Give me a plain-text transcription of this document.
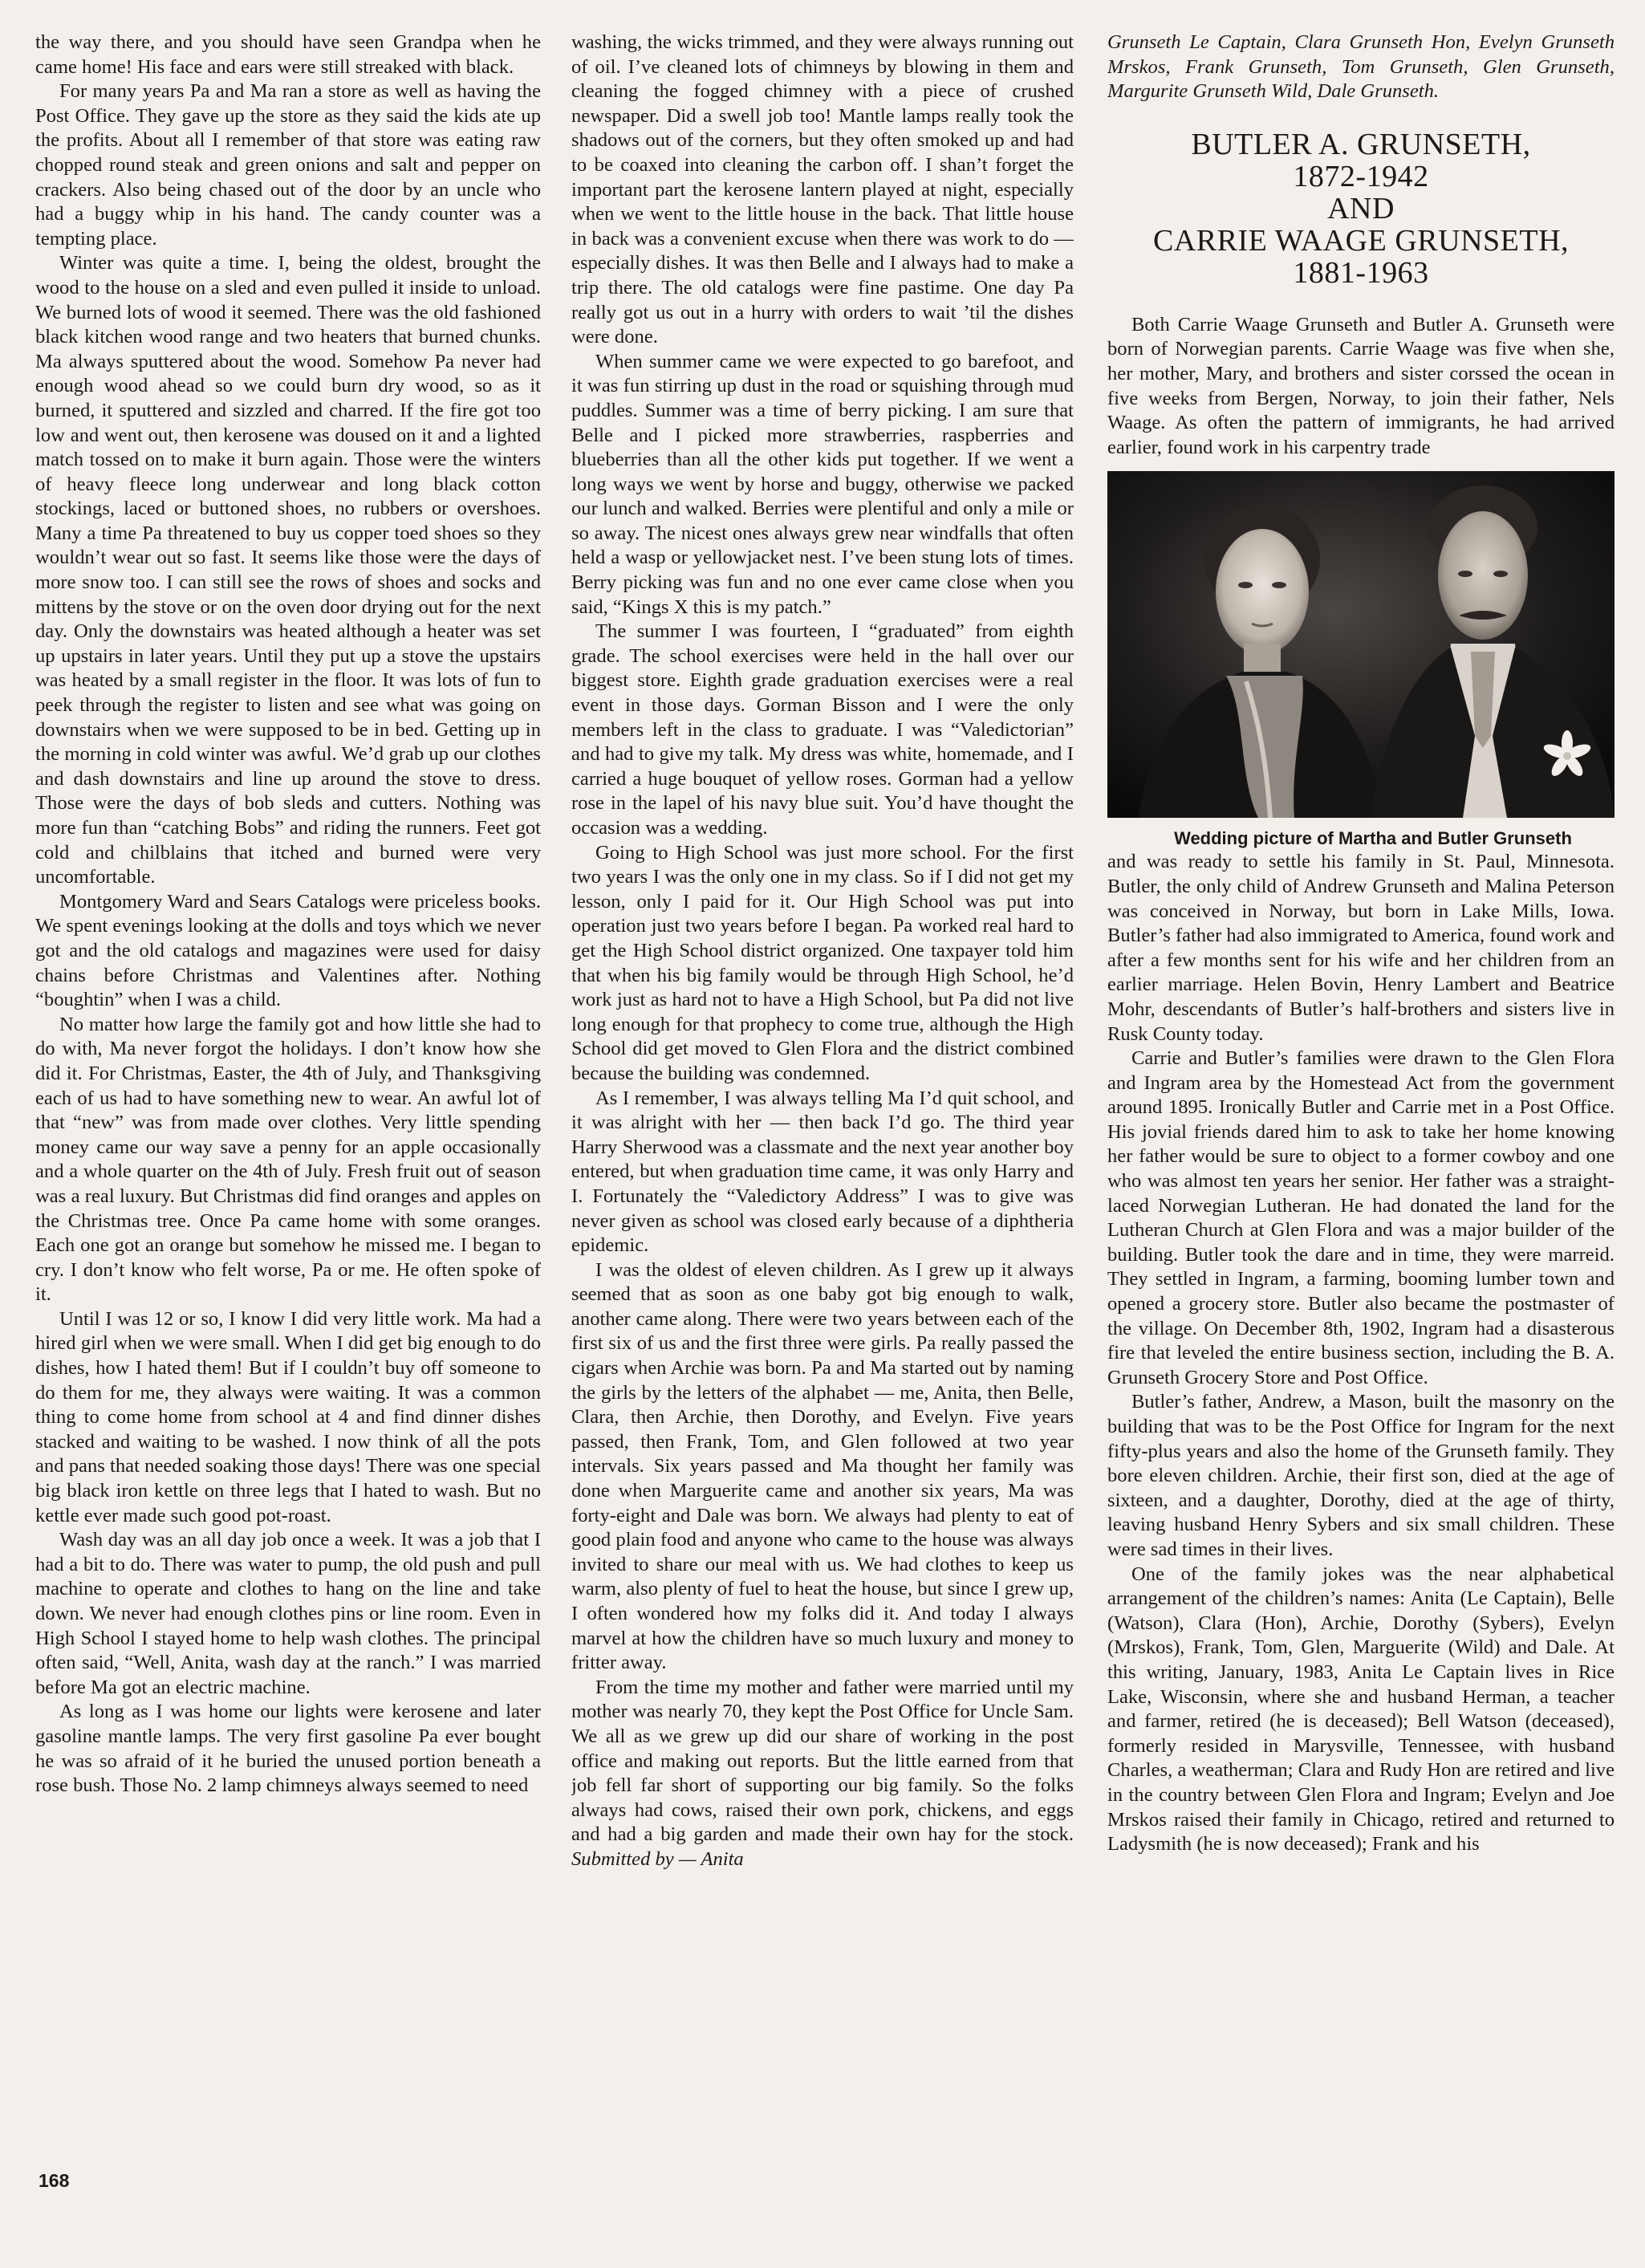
the way there, and you should have seen Grandpa when he came home! His face and ears were still streaked with black.

For many years Pa and Ma ran a store as well as having the Post Office. They gave up the store as they said the kids ate up the profits. About all I remember of that store was eating raw chopped round steak and green onions and salt and pepper on crackers. Also being chased out of the door by an uncle who had a buggy whip in his hand. The candy counter was a tempting place.

Winter was quite a time. I, being the oldest, brought the wood to the house on a sled and even pulled it inside to unload. We burned lots of wood it seemed. There was the old fashioned black kitchen wood range and two heaters that burned chunks. Ma always sputtered about the wood. Somehow Pa never had enough wood ahead so we could burn dry wood, so as it burned, it sputtered and sizzled and charred. If the fire got too low and went out, then kerosene was doused on it and a lighted match tossed on to make it burn again. Those were the winters of heavy fleece long underwear and long black cotton stockings, laced or buttoned shoes, no rubbers or overshoes. Many a time Pa threatened to buy us copper toed shoes so they wouldn’t wear out so fast. It seems like those were the days of more snow too. I can still see the rows of shoes and socks and mittens by the stove or on the oven door drying out for the next day. Only the downstairs was heated although a heater was set up upstairs in later years. Until they put up a stove the upstairs was heated by a small register in the floor. It was lots of fun to peek through the register to listen and see what was going on downstairs when we were supposed to be in bed. Getting up in the morning in cold winter was awful. We’d grab up our clothes and dash downstairs and line up around the stove to dress. Those were the days of bob sleds and cutters. Nothing was more fun than “catching Bobs” and riding the runners. Feet got cold and chilblains that itched and burned were very uncomfortable.

Montgomery Ward and Sears Catalogs were priceless books. We spent evenings looking at the dolls and toys which we never got and the old catalogs and magazines were used for daisy chains before Christmas and Valentines after. Nothing “boughtin” when I was a child.

No matter how large the family got and how little she had to do with, Ma never forgot the holidays. I don’t know how she did it. For Christmas, Easter, the 4th of July, and Thanksgiving each of us had to have something new to wear. An awful lot of that “new” was from made over clothes. Very little spending money came our way save a penny for an apple occasionally and a whole quarter on the 4th of July. Fresh fruit out of season was a real luxury. But Christmas did find oranges and apples on the Christmas tree. Once Pa came home with some oranges. Each one got an orange but somehow he missed me. I began to cry. I don’t know who felt worse, Pa or me. He often spoke of it.

Until I was 12 or so, I know I did very little work. Ma had a hired girl when we were small. When I did get big enough to do dishes, how I hated them! But if I couldn’t buy off someone to do them for me, they always were waiting. It was a common thing to come home from school at 4 and find dinner dishes stacked and waiting to be washed. I now think of all the pots and pans that needed soaking those days! There was one special big black iron kettle on three legs that I hated to wash. But no kettle ever made such good pot-roast.

Wash day was an all day job once a week. It was a job that I had a bit to do. There was water to pump, the old push and pull machine to operate and clothes to hang on the line and take down. We never had enough clothes pins or line room. Even in High School I stayed home to help wash clothes. The principal often said, “Well, Anita, wash day at the ranch.” I was married before Ma got an electric machine.

As long as I was home our lights were kerosene and later gasoline mantle lamps. The very first gasoline Pa ever bought he was so afraid of it he buried the unused portion beneath a rose bush. Those No. 2 lamp chimneys always seemed to need

washing, the wicks trimmed, and they were always running out of oil. I’ve cleaned lots of chimneys by blowing in them and cleaning the fogged chimney with a piece of crushed newspaper. Did a swell job too! Mantle lamps really took the shadows out of the corners, but they often smoked up and had to be coaxed into cleaning the carbon off. I shan’t forget the important part the kerosene lantern played at night, especially when we went to the little house in the back. That little house in back was a convenient excuse when there was work to do — especially dishes. It was then Belle and I always had to make a trip there. The old catalogs were fine pastime. One day Pa really got us out in a hurry with orders to wait ’til the dishes were done.

When summer came we were expected to go barefoot, and it was fun stirring up dust in the road or squishing through mud puddles. Summer was a time of berry picking. I am sure that Belle and I picked more strawberries, raspberries and blueberries than all the other kids put together. If we went a long ways we went by horse and buggy, otherwise we packed our lunch and walked. Berries were plentiful and only a mile or so away. The nicest ones always grew near windfalls that often held a wasp or yellowjacket nest. I’ve been stung lots of times. Berry picking was fun and no one ever came close when you said, “Kings X this is my patch.”

The summer I was fourteen, I “graduated” from eighth grade. The school exercises were held in the hall over our biggest store. Eighth grade graduation exercises were a real event in those days. Gorman Bisson and I were the only members left in the class to graduate. I was “Valedictorian” and had to give my talk. My dress was white, homemade, and I carried a huge bouquet of yellow roses. Gorman had a yellow rose in the lapel of his navy blue suit. You’d have thought the occasion was a wedding.

Going to High School was just more school. For the first two years I was the only one in my class. So if I did not get my lesson, only I paid for it. Our High School was put into operation just two years before I began. Pa worked real hard to get the High School district organized. One taxpayer told him that when his big family would be through High School, he’d work just as hard not to have a High School, but Pa did not live long enough for that prophecy to come true, although the High School did get moved to Glen Flora and the district combined because the building was condemned.

As I remember, I was always telling Ma I’d quit school, and it was alright with her — then back I’d go. The third year Harry Sherwood was a classmate and the next year another boy entered, but when graduation time came, it was only Harry and I. Fortunately the “Valedictory Address” I was to give was never given as school was closed early because of a diphtheria epidemic.

I was the oldest of eleven children. As I grew up it always seemed that as soon as one baby got big enough to walk, another came along. There were two years between each of the first six of us and the first three were girls. Pa really passed the cigars when Archie was born. Pa and Ma started out by naming the girls by the letters of the alphabet — me, Anita, then Belle, Clara, then Archie, then Dorothy, and Evelyn. Five years passed, then Frank, Tom, and Glen followed at two year intervals. Six years passed and Ma thought her family was done when Marguerite came and another six years, Ma was forty-eight and Dale was born. We always had plenty to eat of good plain food and anyone who came to the house was always invited to share our meal with us. We had clothes to keep us warm, also plenty of fuel to heat the house, but since I grew up, I often wondered how my folks did it. And today I always marvel at how the children have so much luxury and money to fritter away.

From the time my mother and father were married until my mother was nearly 70, they kept the Post Office for Uncle Sam. We all as we grew up did our share of working in the post office and making out reports. But the little earned from that job fell far short of supporting our big family. So the folks always had cows, raised their own pork, chickens, and eggs and had a big garden and made their own hay for the stock. Submitted by — Anita

Grunseth Le Captain, Clara Grunseth Hon, Evelyn Grunseth Mrskos, Frank Grunseth, Tom Grunseth, Glen Grunseth, Margurite Grunseth Wild, Dale Grunseth.

BUTLER A. GRUNSETH,
1872-1942
AND
CARRIE WAAGE GRUNSETH,
1881-1963

Both Carrie Waage Grunseth and Butler A. Grunseth were born of Norwegian parents. Carrie Waage was five when she, her mother, Mary, and brothers and sister corssed the ocean in five weeks from Bergen, Norway, to join their father, Nels Waage. As often the pattern of immigrants, he had arrived earlier, found work in his carpentry trade

Wedding picture of Martha and Butler Grunseth

and was ready to settle his family in St. Paul, Minnesota. Butler, the only child of Andrew Grunseth and Malina Peterson was conceived in Norway, but born in Lake Mills, Iowa. Butler’s father had also immigrated to America, found work and after a few months sent for his wife and her children from an earlier marriage. Helen Bovin, Henry Lambert and Beatrice Mohr, descendants of Butler’s half-brothers and sisters live in Rusk County today.

Carrie and Butler’s families were drawn to the Glen Flora and Ingram area by the Homestead Act from the government around 1895. Ironically Butler and Carrie met in a Post Office. His jovial friends dared him to ask to take her home knowing her father would be sure to object to a former cowboy and one who was almost ten years her senior. Her father was a straight-laced Norwegian Lutheran. He had donated the land for the Lutheran Church at Glen Flora and was a major builder of the building. Butler took the dare and in time, they were marreid. They settled in Ingram, a farming, booming lumber town and opened a grocery store. Butler also became the postmaster of the village. On December 8th, 1902, Ingram had a disasterous fire that leveled the entire business section, including the B. A. Grunseth Grocery Store and Post Office.

Butler’s father, Andrew, a Mason, built the masonry on the building that was to be the Post Office for Ingram for the next fifty-plus years and also the home of the Grunseth family. They bore eleven children. Archie, their first son, died at the age of sixteen, and a daughter, Dorothy, died at the age of thirty, leaving husband Henry Sybers and six small children. These were sad times in their lives.

One of the family jokes was the near alphabetical arrangement of the children’s names: Anita (Le Captain), Belle (Watson), Clara (Hon), Archie, Dorothy (Sybers), Evelyn (Mrskos), Frank, Tom, Glen, Marguerite (Wild) and Dale. At this writing, January, 1983, Anita Le Captain lives in Rice Lake, Wisconsin, where she and husband Herman, a teacher and farmer, retired (he is deceased); Bell Watson (deceased), formerly resided in Marysville, Tennessee, with husband Charles, a weatherman; Clara and Rudy Hon are retired and live in the country between Glen Flora and Ingram; Evelyn and Joe Mrskos raised their family in Chicago, retired and returned to Ladysmith (he is now deceased); Frank and his

168
